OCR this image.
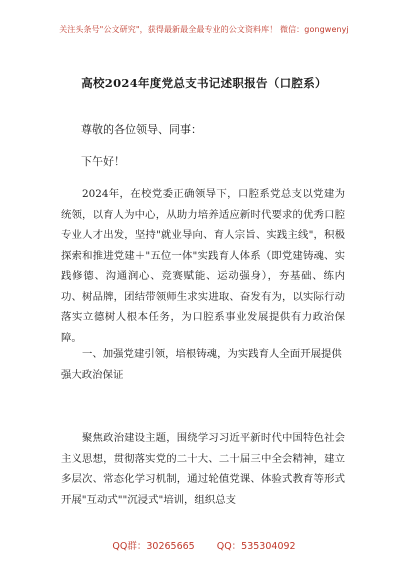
关注头条号"公文研究"，获得最新最全最专业的公文资料库！ 微信：gongwenyj
高校2024年度党总支书记述职报告（口腔系）
尊敬的各位领导、同事：
下午好！

2024年，在校党委正确领导下，口腔系党总支以党建为统领，以育人为中心，从助力培养适应新时代要求的优秀口腔专业人才出发，坚持"就业导向、育人宗旨、实践主线"，积极探索和推进党建＋"五位一体"实践育人体系（即党建铸魂、实践修德、沟通润心、竞赛赋能、运动强身），夯基础、练内功、树品牌，团结带领师生求实进取、奋发有为，以实际行动落实立德树人根本任务，为口腔系事业发展提供有力政治保障。

一、加强党建引领，培根铸魂，为实践育人全面开展提供强大政治保证

聚焦政治建设主题，围绕学习习近平新时代中国特色社会主义思想，贯彻落实党的二十大、二十届三中全会精神，建立多层次、常态化学习机制，通过轮值党课、体验式教育等形式开展"互动式""沉浸式"培训，组织总支

QQ群：30265665 QQ：535304092
